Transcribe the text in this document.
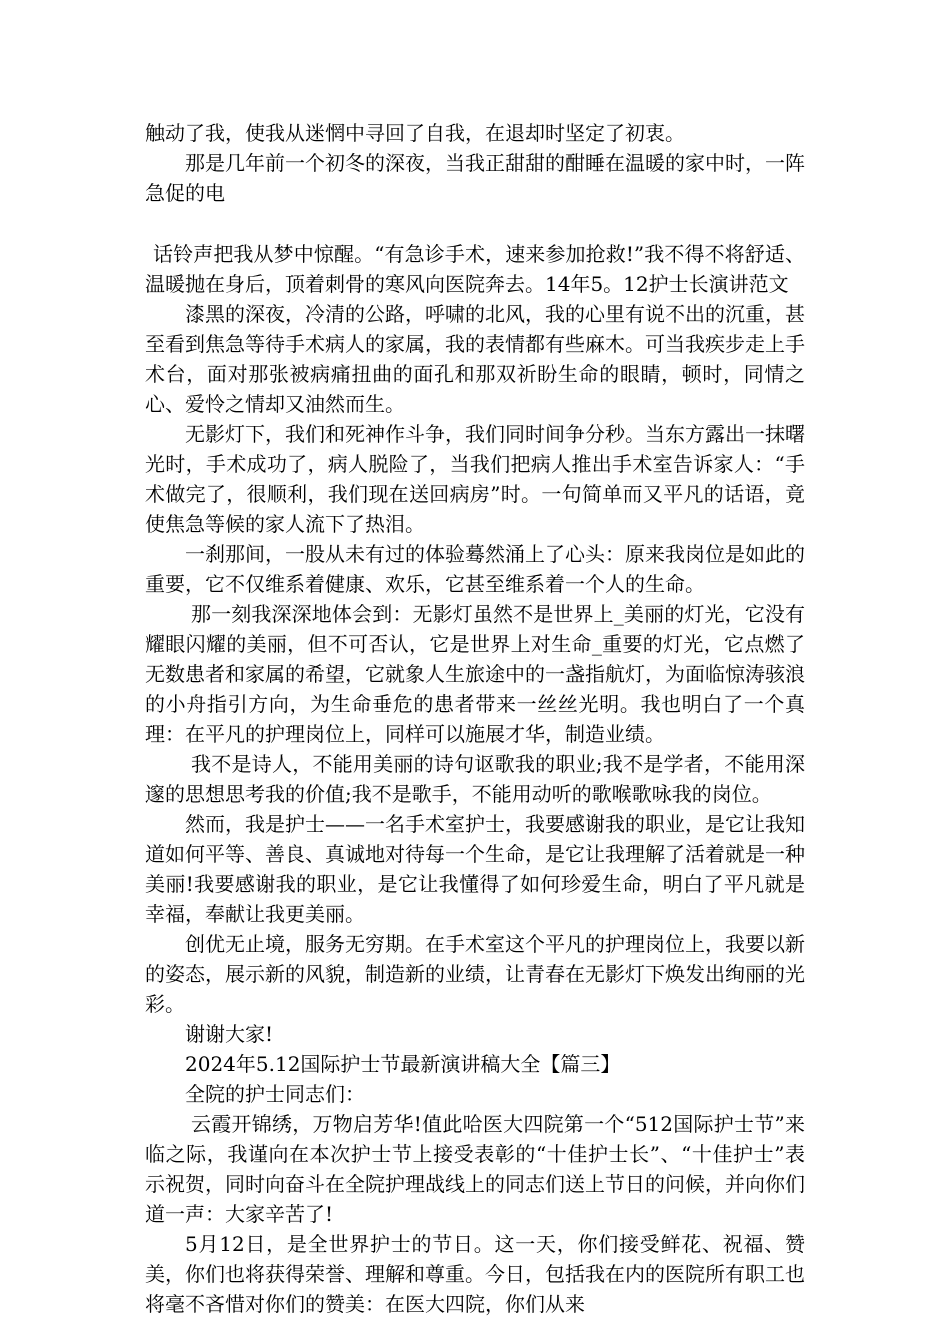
触动了我，使我从迷惘中寻回了自我，在退却时坚定了初衷。

那是几年前一个初冬的深夜，当我正甜甜的酣睡在温暖的家中时，一阵急促的电

话铃声把我从梦中惊醒。“有急诊手术，速来参加抢救!”我不得不将舒适、温暖抛在身后，顶着刺骨的寒风向医院奔去。14年5。12护士长演讲范文

漆黑的深夜，冷清的公路，呼啸的北风，我的心里有说不出的沉重，甚至看到焦急等待手术病人的家属，我的表情都有些麻木。可当我疾步走上手术台，面对那张被病痛扭曲的面孔和那双祈盼生命的眼睛，顿时，同情之心、爱怜之情却又油然而生。

无影灯下，我们和死神作斗争，我们同时间争分秒。当东方露出一抹曙光时，手术成功了，病人脱险了，当我们把病人推出手术室告诉家人：“手术做完了，很顺利，我们现在送回病房”时。一句简单而又平凡的话语，竟使焦急等候的家人流下了热泪。

一刹那间，一股从未有过的体验蓦然涌上了心头：原来我岗位是如此的重要，它不仅维系着健康、欢乐，它甚至维系着一个人的生命。

那一刻我深深地体会到：无影灯虽然不是世界上_美丽的灯光，它没有耀眼闪耀的美丽，但不可否认，它是世界上对生命_重要的灯光，它点燃了无数患者和家属的希望，它就象人生旅途中的一盏指航灯，为面临惊涛骇浪的小舟指引方向，为生命垂危的患者带来一丝丝光明。我也明白了一个真理：在平凡的护理岗位上，同样可以施展才华，制造业绩。

我不是诗人，不能用美丽的诗句讴歌我的职业;我不是学者，不能用深邃的思想思考我的价值;我不是歌手，不能用动听的歌喉歌咏我的岗位。

然而，我是护士——一名手术室护士，我要感谢我的职业，是它让我知道如何平等、善良、真诚地对待每一个生命，是它让我理解了活着就是一种美丽!我要感谢我的职业，是它让我懂得了如何珍爱生命，明白了平凡就是幸福，奉献让我更美丽。

创优无止境，服务无穷期。在手术室这个平凡的护理岗位上，我要以新的姿态，展示新的风貌，制造新的业绩，让青春在无影灯下焕发出绚丽的光彩。

谢谢大家!

2024年5.12国际护士节最新演讲稿大全【篇三】

全院的护士同志们：

云霞开锦绣，万物启芳华!值此哈医大四院第一个“512国际护士节”来临之际，我谨向在本次护士节上接受表彰的“十佳护士长”、“十佳护士”表示祝贺，同时向奋斗在全院护理战线上的同志们送上节日的问候，并向你们道一声：大家辛苦了!

5月12日，是全世界护士的节日。这一天，你们接受鲜花、祝福、赞美，你们也将获得荣誉、理解和尊重。今日，包括我在内的医院所有职工也将毫不吝惜对你们的赞美：在医大四院，你们从来
